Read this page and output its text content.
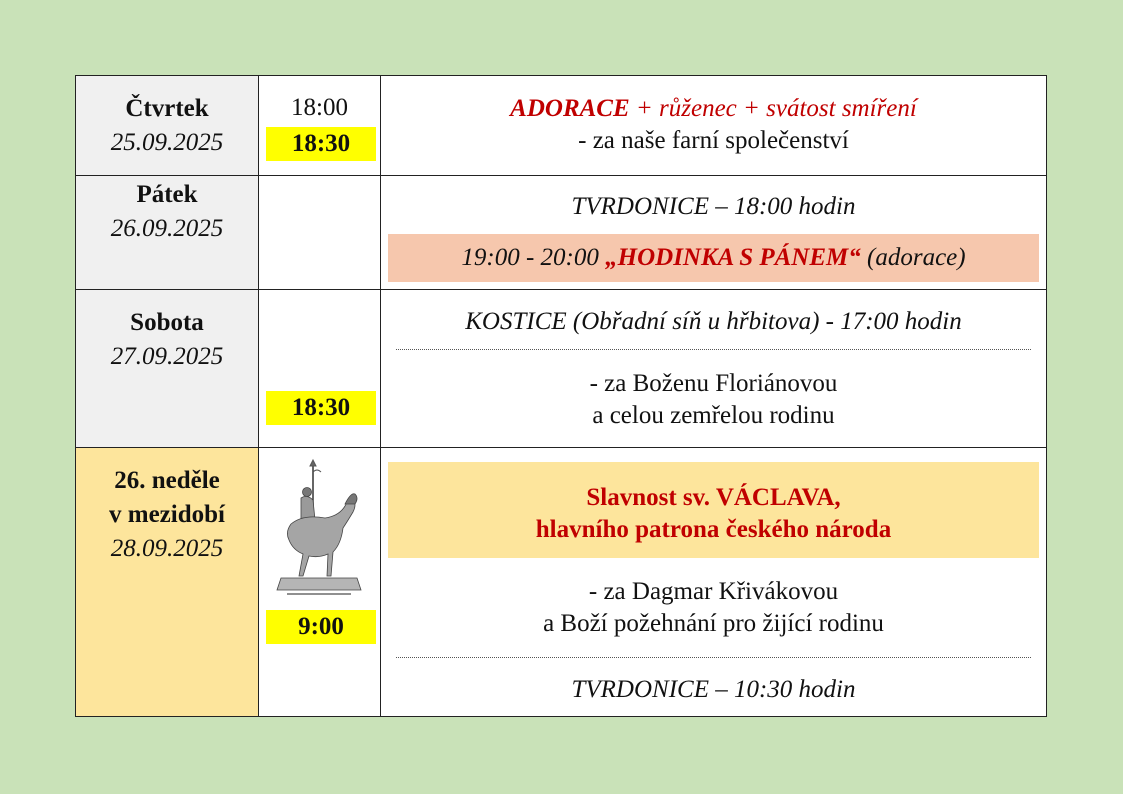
Čtvrtek
25.09.2025
18:00
18:30
ADORACE + růženec + svátost smíření
- za naše farní společenství
Pátek
26.09.2025
TVRDONICE – 18:00 hodin
19:00 - 20:00 „HODINKA S PÁNEM“ (adorace)
Sobota
27.09.2025
18:30
KOSTICE (Obřadní síň u hřbitova) - 17:00 hodin
- za Boženu Floriánovou
a celou zemřelou rodinu
26. neděle
v mezidobí
28.09.2025
9:00
Slavnost sv. VÁCLAVA,
hlavního patrona českého národa
- za Dagmar Křivákovou
a Boží požehnání pro žijící rodinu
TVRDONICE – 10:30 hodin
